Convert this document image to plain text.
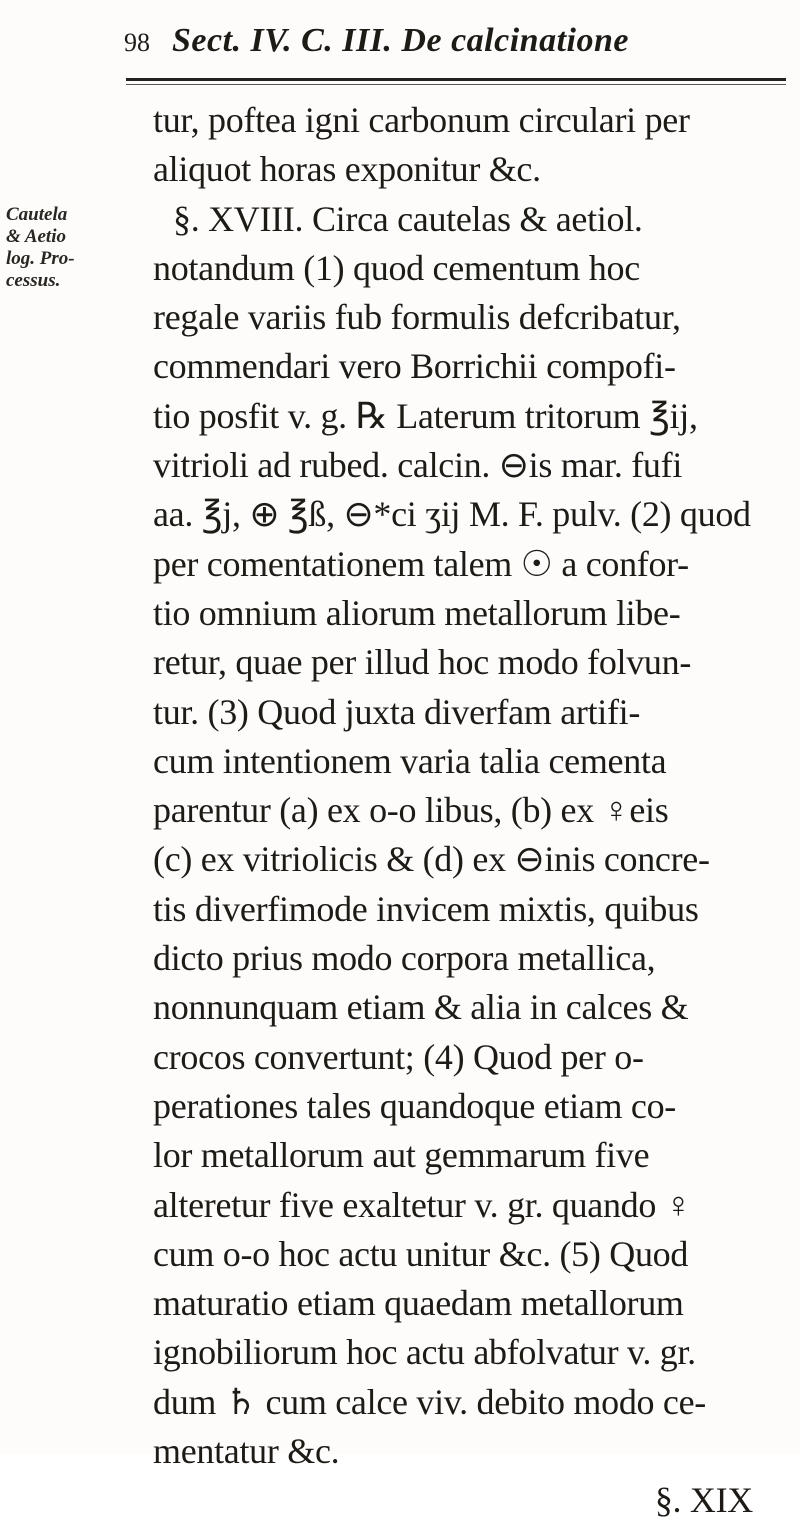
98 Sect. IV. C. III. De calcinatione
Cautela
& Aetio
log. Pro-
cessus.
tur, poftea igni carbonum circulari per
aliquot horas exponitur &c.
§. XVIII. Circa cautelas & aetiol.
notandum (1) quod cementum hoc
regale variis fub formulis defcribatur,
commendari vero Borrichii compofi-
tio posfit v. g. ℞ Laterum tritorum ℥ij,
vitrioli ad rubed. calcin. ⊖is mar. fufi
aa. ℥j, ⊕ ℥ß, ⊖*ci ʒij M. F. pulv. (2) quod
per comentationem talem ☉ a confor-
tio omnium aliorum metallorum libe-
retur, quae per illud hoc modo folvun-
tur. (3) Quod juxta diverfam artifi-
cum intentionem varia talia cementa
parentur (a) ex o-o libus, (b) ex ♀eis
(c) ex vitriolicis & (d) ex ⊖inis concre-
tis diverfimode invicem mixtis, quibus
dicto prius modo corpora metallica,
nonnunquam etiam & alia in calces &
crocos convertunt; (4) Quod per o-
perationes tales quandoque etiam co-
lor metallorum aut gemmarum five
alteretur five exaltetur v. gr. quando ♀
cum o-o hoc actu unitur &c. (5) Quod
maturatio etiam quaedam metallorum
ignobiliorum hoc actu abfolvatur v. gr.
dum ♄ cum calce viv. debito modo ce-
mentatur &c.
§. XIX
